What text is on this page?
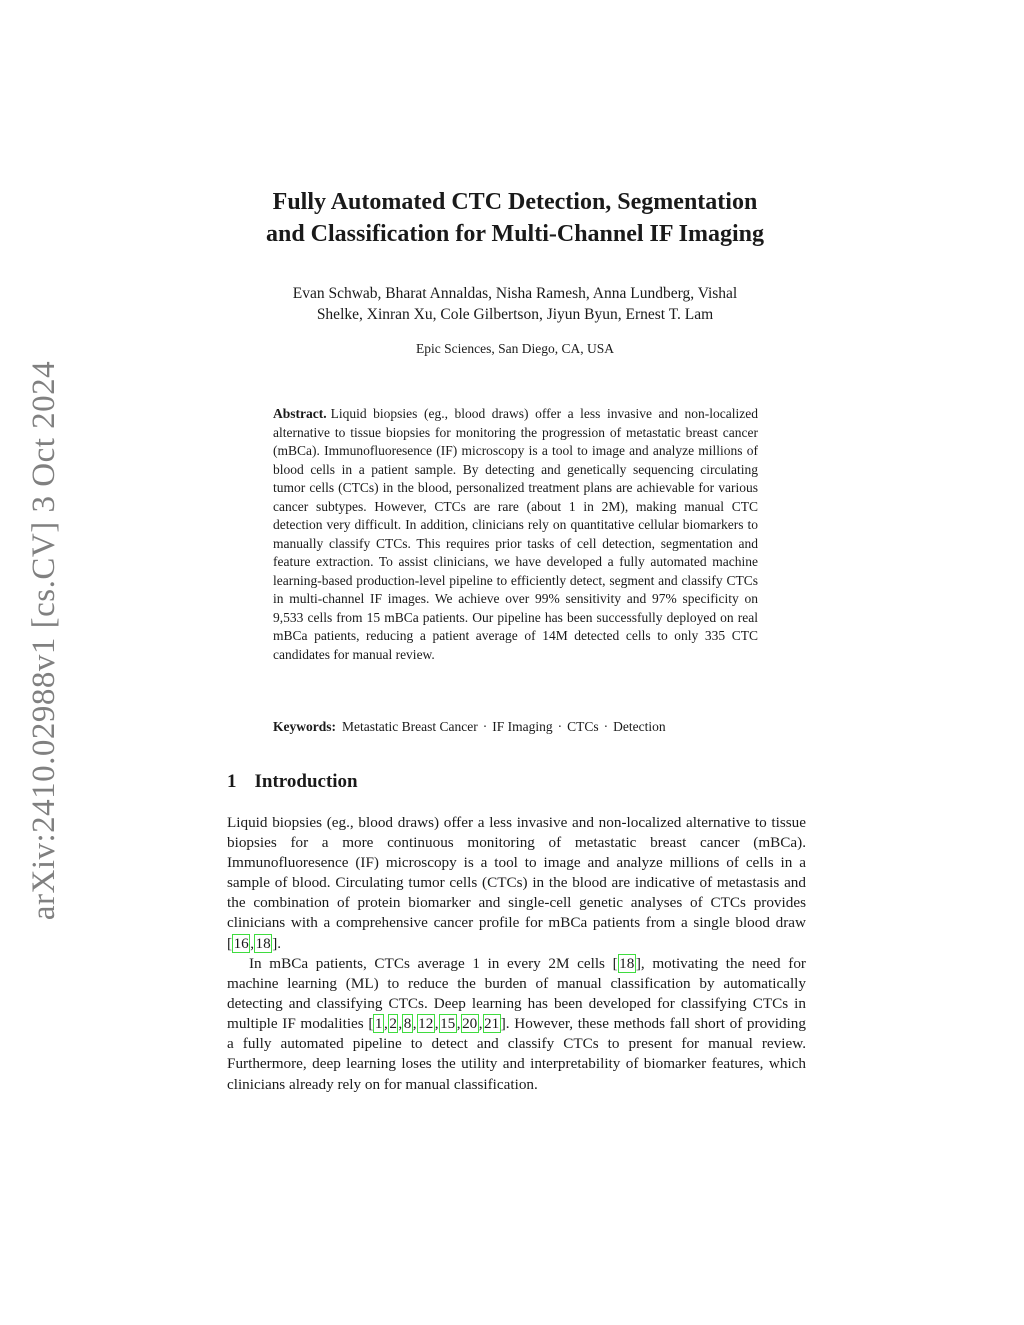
arXiv:2410.02988v1 [cs.CV] 3 Oct 2024
Fully Automated CTC Detection, Segmentation
and Classification for Multi-Channel IF Imaging

Evan Schwab, Bharat Annaldas, Nisha Ramesh, Anna Lundberg, Vishal
Shelke, Xinran Xu, Cole Gilbertson, Jiyun Byun, Ernest T. Lam

Epic Sciences, San Diego, CA, USA

Abstract. Liquid biopsies (eg., blood draws) offer a less invasive and non-localized alternative to tissue biopsies for monitoring the progression of metastatic breast cancer (mBCa). Immunofluoresence (IF) microscopy is a tool to image and analyze millions of blood cells in a patient sample. By detecting and genetically sequencing circulating tumor cells (CTCs) in the blood, personalized treatment plans are achievable for various cancer subtypes. However, CTCs are rare (about 1 in 2M), making manual CTC detection very difficult. In addition, clinicians rely on quantitative cellular biomarkers to manually classify CTCs. This requires prior tasks of cell detection, segmentation and feature extraction. To assist clinicians, we have developed a fully automated machine learning-based production-level pipeline to efficiently detect, segment and classify CTCs in multi-channel IF images. We achieve over 99% sensitivity and 97% specificity on 9,533 cells from 15 mBCa patients. Our pipeline has been successfully deployed on real mBCa patients, reducing a patient average of 14M detected cells to only 335 CTC candidates for manual review.

Keywords: Metastatic Breast Cancer · IF Imaging · CTCs · Detection

1 Introduction

Liquid biopsies (eg., blood draws) offer a less invasive and non-localized alternative to tissue biopsies for a more continuous monitoring of metastatic breast cancer (mBCa). Immunofluoresence (IF) microscopy is a tool to image and analyze millions of cells in a sample of blood. Circulating tumor cells (CTCs) in the blood are indicative of metastasis and the combination of protein biomarker and single-cell genetic analyses of CTCs provides clinicians with a comprehensive cancer profile for mBCa patients from a single blood draw [16,18].

In mBCa patients, CTCs average 1 in every 2M cells [18], motivating the need for machine learning (ML) to reduce the burden of manual classification by automatically detecting and classifying CTCs. Deep learning has been developed for classifying CTCs in multiple IF modalities [1,2,8,12,15,20,21]. However, these methods fall short of providing a fully automated pipeline to detect and classify CTCs to present for manual review. Furthermore, deep learning loses the utility and interpretability of biomarker features, which clinicians already rely on for manual classification.
